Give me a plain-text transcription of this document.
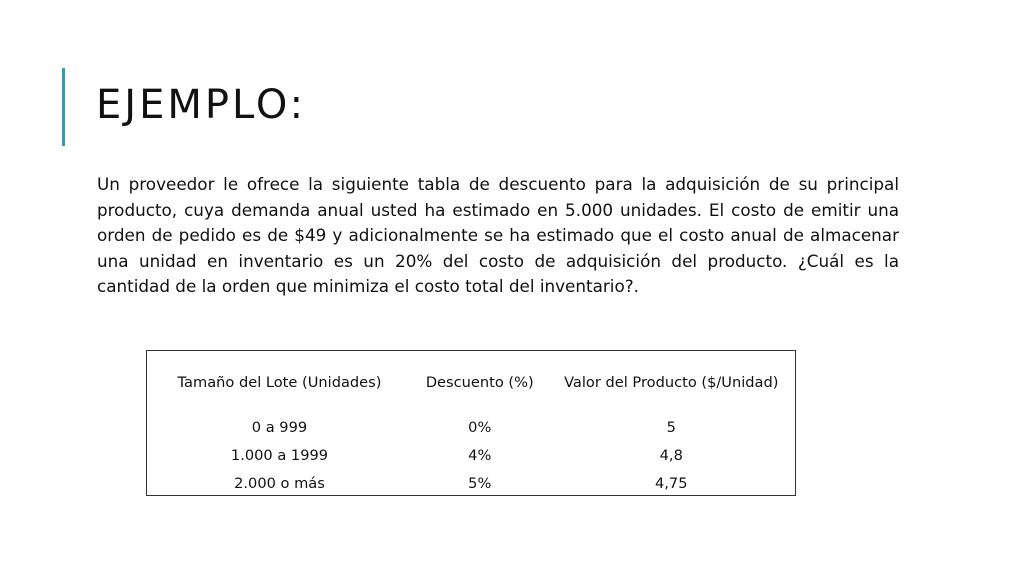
EJEMPLO:

Un proveedor le ofrece la siguiente tabla de descuento para la adquisición de su principal producto, cuya demanda anual usted ha estimado en 5.000 unidades. El costo de emitir una orden de pedido es de $49 y adicionalmente se ha estimado que el costo anual de almacenar una unidad en inventario es un 20% del costo de adquisición del producto. ¿Cuál es la cantidad de la orden que minimiza el costo total del inventario?.

Tamaño del Lote (Unidades)	Descuento (%)	Valor del Producto ($/Unidad)
0 a 999	0%	5
1.000 a 1999	4%	4,8
2.000 o más	5%	4,75
